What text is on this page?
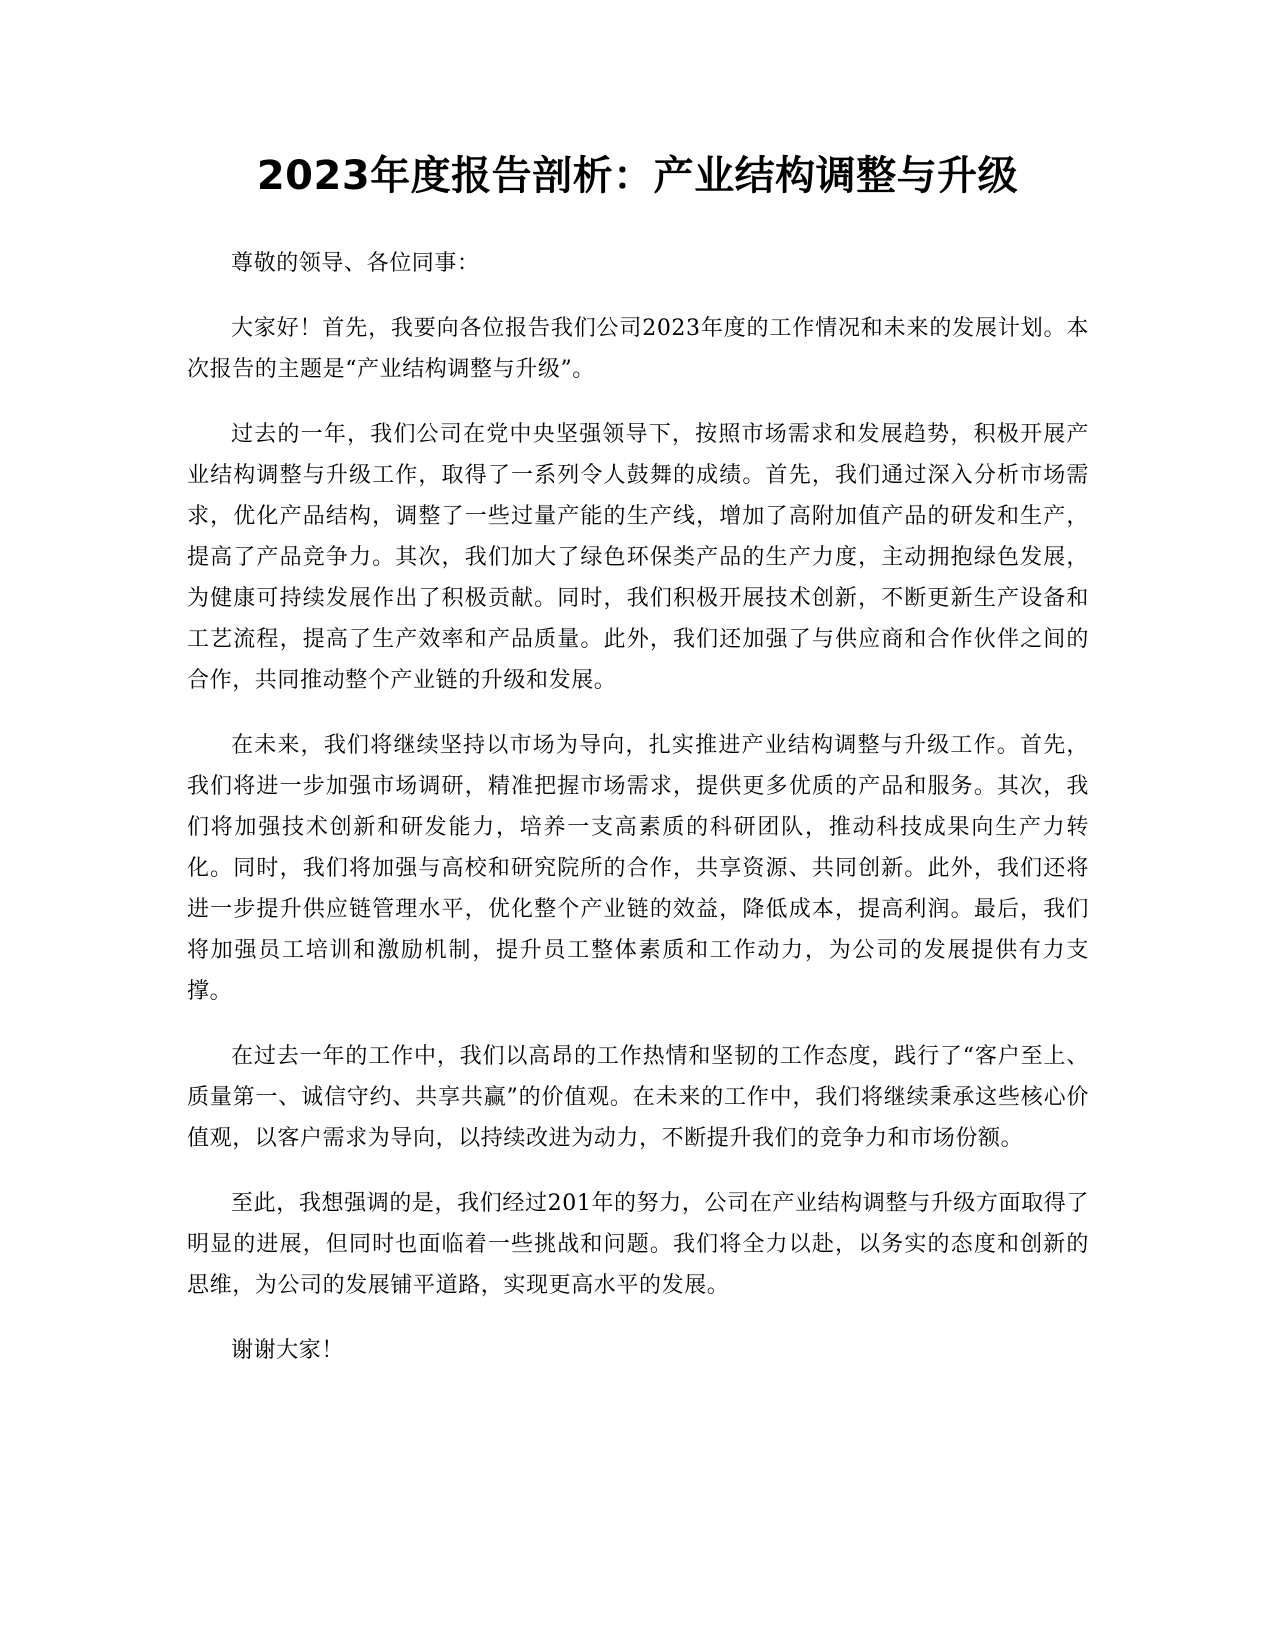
2023年度报告剖析：产业结构调整与升级

尊敬的领导、各位同事：

大家好！首先，我要向各位报告我们公司2023年度的工作情况和未来的发展计划。本次报告的主题是“产业结构调整与升级”。

过去的一年，我们公司在党中央坚强领导下，按照市场需求和发展趋势，积极开展产业结构调整与升级工作，取得了一系列令人鼓舞的成绩。首先，我们通过深入分析市场需求，优化产品结构，调整了一些过量产能的生产线，增加了高附加值产品的研发和生产，提高了产品竞争力。其次，我们加大了绿色环保类产品的生产力度，主动拥抱绿色发展，为健康可持续发展作出了积极贡献。同时，我们积极开展技术创新，不断更新生产设备和工艺流程，提高了生产效率和产品质量。此外，我们还加强了与供应商和合作伙伴之间的合作，共同推动整个产业链的升级和发展。

在未来，我们将继续坚持以市场为导向，扎实推进产业结构调整与升级工作。首先，我们将进一步加强市场调研，精准把握市场需求，提供更多优质的产品和服务。其次，我们将加强技术创新和研发能力，培养一支高素质的科研团队，推动科技成果向生产力转化。同时，我们将加强与高校和研究院所的合作，共享资源、共同创新。此外，我们还将进一步提升供应链管理水平，优化整个产业链的效益，降低成本，提高利润。最后，我们将加强员工培训和激励机制，提升员工整体素质和工作动力，为公司的发展提供有力支撑。

在过去一年的工作中，我们以高昂的工作热情和坚韧的工作态度，践行了“客户至上、质量第一、诚信守约、共享共赢”的价值观。在未来的工作中，我们将继续秉承这些核心价值观，以客户需求为导向，以持续改进为动力，不断提升我们的竞争力和市场份额。

至此，我想强调的是，我们经过201年的努力，公司在产业结构调整与升级方面取得了明显的进展，但同时也面临着一些挑战和问题。我们将全力以赴，以务实的态度和创新的思维，为公司的发展铺平道路，实现更高水平的发展。

谢谢大家！
